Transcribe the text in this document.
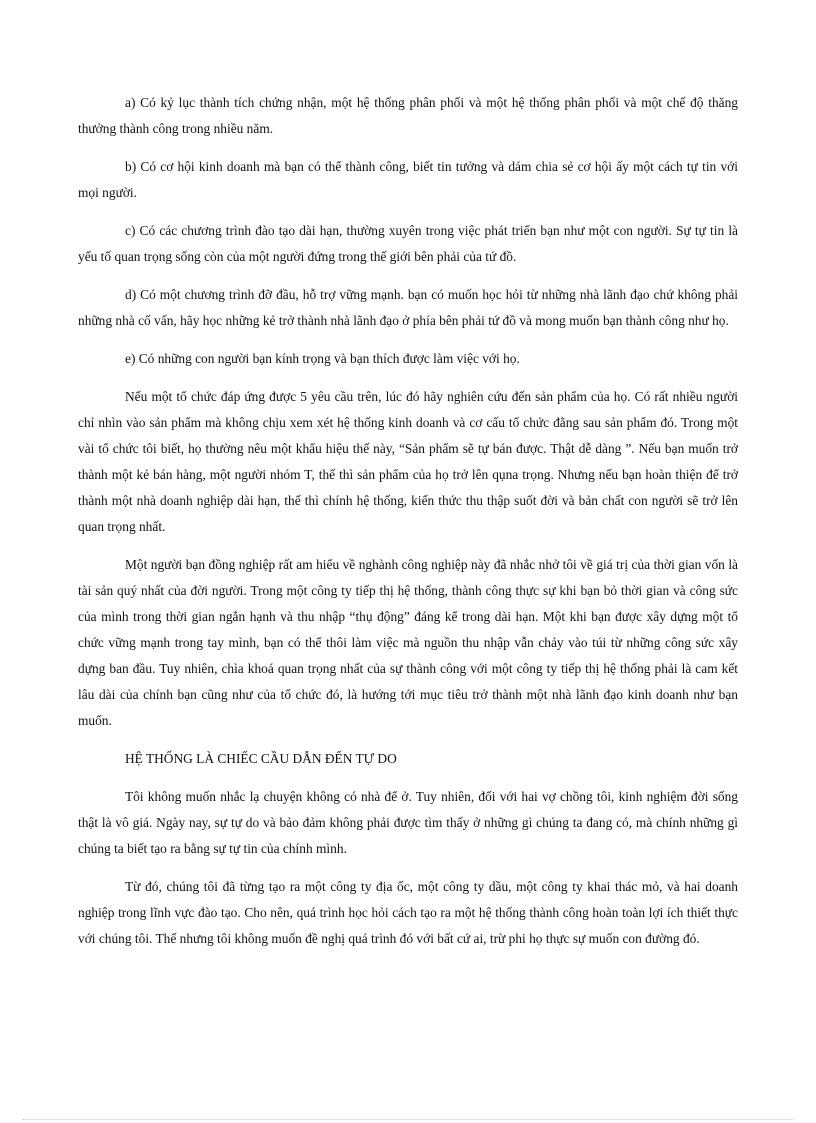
a) Có kỷ lục thành tích chứng nhận, một hệ thống phân phối và một hệ thống phân phối và một chế độ thăng thưởng thành công trong nhiều năm.

b) Có cơ hội kinh doanh mà bạn có thể thành công, biết tin tưởng và dám chia sẻ cơ hội ấy một cách tự tin với mọi người.

c) Có các chương trình đào tạo dài hạn, thường xuyên trong việc phát triển bạn như một con người. Sự tự tin là yếu tố quan trọng sống còn của một người đứng trong thế giới bên phải của tứ đồ.

d) Có một chương trình đỡ đầu, hỗ trợ vững mạnh. bạn có muốn học hỏi từ những nhà lãnh đạo chứ không phải những nhà cố vấn, hãy học những kẻ trở thành nhà lãnh đạo ở phía bên phải tứ đồ và mong muốn bạn thành công như họ.

e) Có những con người bạn kính trọng và bạn thích được làm việc với họ.

Nếu một tổ chức đáp ứng được 5 yêu cầu trên, lúc đó hãy nghiên cứu đến sản phẩm của họ. Có rất nhiều người chỉ nhìn vào sản phẩm mà không chịu xem xét hệ thống kinh doanh và cơ cấu tổ chức đằng sau sản phẩm đó. Trong một vài tổ chức tôi biết, họ thường nêu một khẩu hiệu thế này, “Sản phẩm sẽ tự bán được. Thật dễ dàng ”. Nếu bạn muốn trở thành một kẻ bán hàng, một người nhóm T, thế thì sản phẩm của họ trở lên qụna trọng. Nhưng nếu bạn hoàn thiện để trở thành một nhà doanh nghiệp dài hạn, thế thì chính hệ thống, kiến thức thu thập suốt đời và bản chất con người sẽ trở lên quan trọng nhất.

Một người bạn đồng nghiệp rất am hiểu về nghành công nghiệp này đã nhắc nhở tôi về giá trị của thời gian vốn là tài sản quý nhất của đời người. Trong một công ty tiếp thị hệ thống, thành công thực sự khi bạn bỏ thời gian và công sức của mình trong thời gian ngắn hạnh và thu nhập “thụ động” đáng kể trong dài hạn. Một khi bạn được xây dựng một tổ chức vững mạnh trong tay mình, bạn có thể thôi làm việc mà nguồn thu nhập vẫn chảy vào túi từ những công sức xây dựng ban đầu. Tuy nhiên, chìa khoá quan trọng nhất của sự thành công với một công ty tiếp thị hệ thống phải là cam kết lâu dài của chính bạn cũng như của tổ chức đó, là hướng tới mục tiêu trở thành một nhà lãnh đạo kinh doanh như bạn muốn.

HỆ THỐNG LÀ CHIẾC CẦU DẪN ĐẾN TỰ DO

Tôi không muốn nhắc lạ chuyện không có nhà để ở. Tuy nhiên, đối với hai vợ chồng tôi, kinh nghiệm đời sống thật là vô giá. Ngày nay, sự tự do và bảo đảm không phải được tìm thấy ở những gì chúng ta đang có, mà chính những gì chúng ta biết tạo ra bằng sự tự tin của chính mình.

Từ đó, chúng tôi đã từng tạo ra một công ty địa ốc, một công ty dầu, một công ty khai thác mỏ, và hai doanh nghiệp trong lĩnh vực đào tạo. Cho nên, quá trình học hỏi cách tạo ra một hệ thống thành công hoàn toàn lợi ích thiết thực với chúng tôi. Thế nhưng tôi không muốn đề nghị quá trình đó với bất cứ ai, trừ phi họ thực sự muốn con đường đó.
